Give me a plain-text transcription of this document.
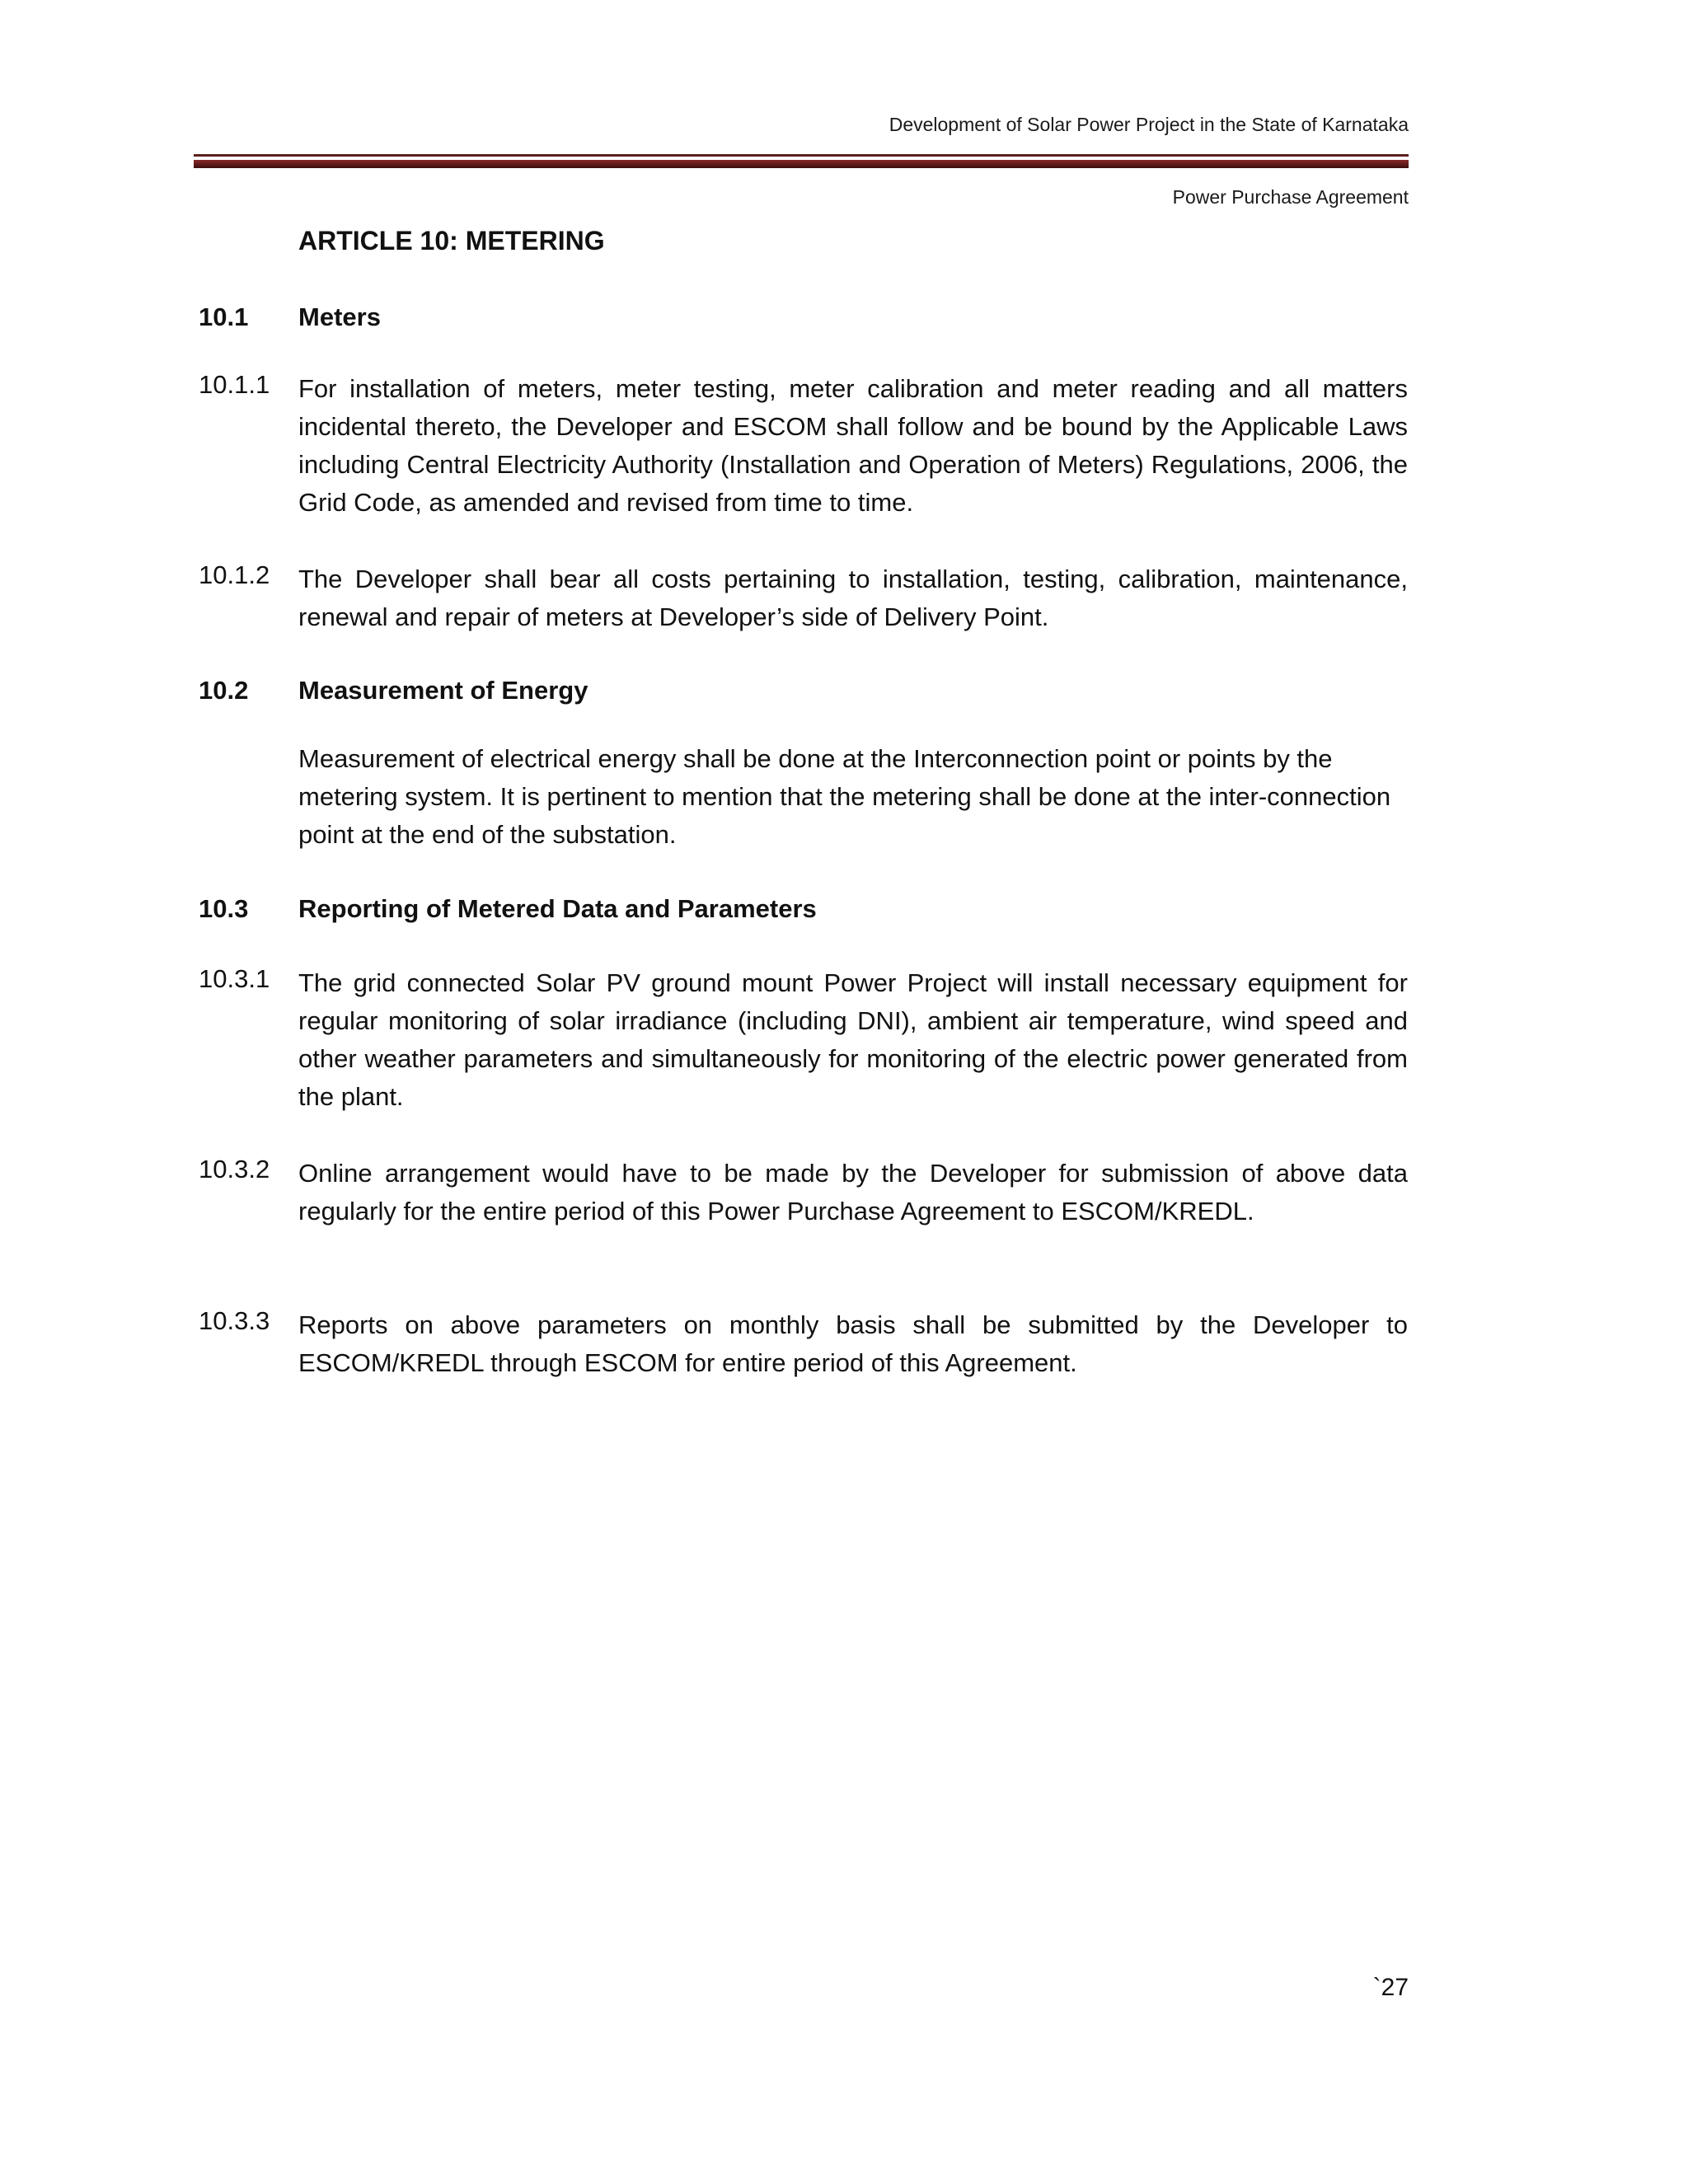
Development of Solar Power Project in the State of Karnataka
Power Purchase Agreement
ARTICLE 10: METERING
10.1 Meters
10.1.1 For installation of meters, meter testing, meter calibration and meter reading and all matters incidental thereto, the Developer and ESCOM shall follow and be bound by the Applicable Laws including Central Electricity Authority (Installation and Operation of Meters) Regulations, 2006, the Grid Code, as amended and revised from time to time.
10.1.2 The Developer shall bear all costs pertaining to installation, testing, calibration, maintenance, renewal and repair of meters at Developer’s side of Delivery Point.
10.2 Measurement of Energy
Measurement of electrical energy shall be done at the Interconnection point or points by the metering system. It is pertinent to mention that the metering shall be done at the inter-connection point at the end of the substation.
10.3 Reporting of Metered Data and Parameters
10.3.1 The grid connected Solar PV ground mount Power Project will install necessary equipment for regular monitoring of solar irradiance (including DNI), ambient air temperature, wind speed and other weather parameters and simultaneously for monitoring of the electric power generated from the plant.
10.3.2 Online arrangement would have to be made by the Developer for submission of above data regularly for the entire period of this Power Purchase Agreement to ESCOM/KREDL.
10.3.3 Reports on above parameters on monthly basis shall be submitted by the Developer to ESCOM/KREDL through ESCOM for entire period of this Agreement.
`27
